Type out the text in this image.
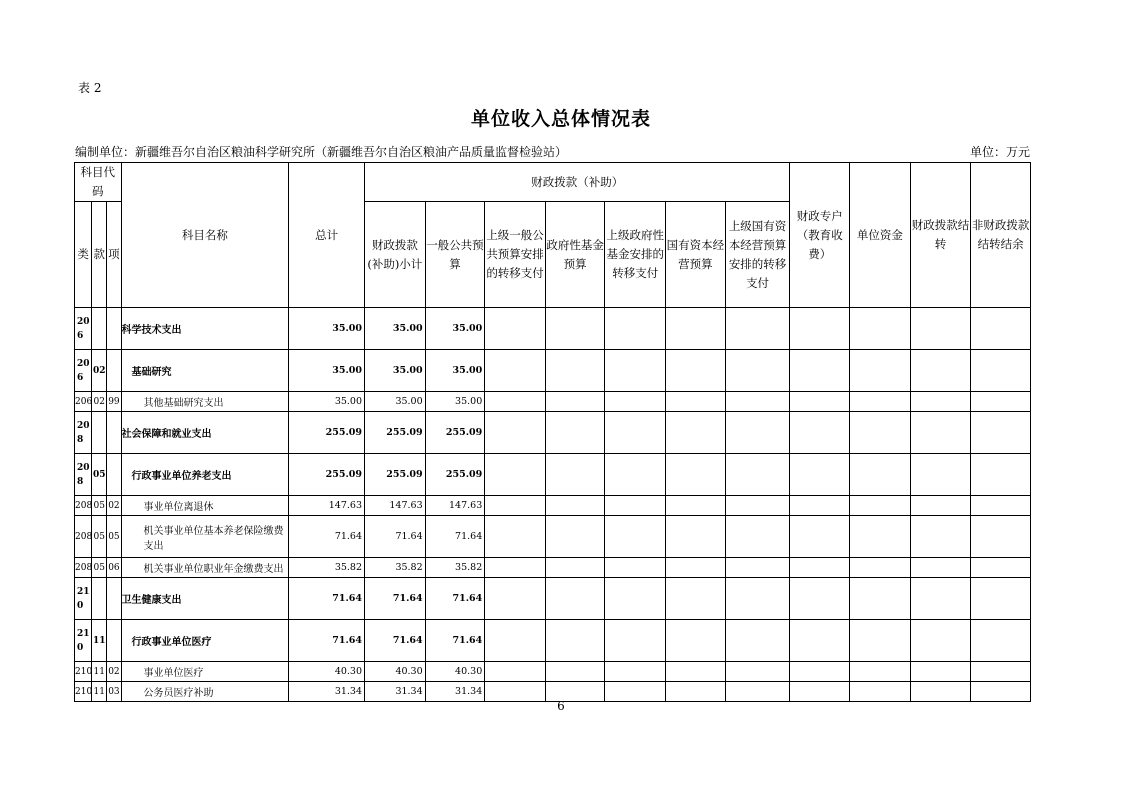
表 2
单位收入总体情况表
编制单位：新疆维吾尔自治区粮油科学研究所（新疆维吾尔自治区粮油产品质量监督检验站）	单位：万元
科目代码			科目名称	总计	财政拨款（补助）							财政专户（教育收费）	单位资金	财政拨款结转	非财政拨款结转结余
类	款	项			财政拨款(补助)小计	一般公共预算	上级一般公共预算安排的转移支付	政府性基金预算	上级政府性基金安排的转移支付	国有资本经营预算	上级国有资本经营预算安排的转移支付				
206			科学技术支出	35.00	35.00	35.00									
206	02		基础研究	35.00	35.00	35.00									
206	02	99	其他基础研究支出	35.00	35.00	35.00									
208			社会保障和就业支出	255.09	255.09	255.09									
208	05		行政事业单位养老支出	255.09	255.09	255.09									
208	05	02	事业单位离退休	147.63	147.63	147.63									
208	05	05	机关事业单位基本养老保险缴费支出	71.64	71.64	71.64									
208	05	06	机关事业单位职业年金缴费支出	35.82	35.82	35.82									
210			卫生健康支出	71.64	71.64	71.64									
210	11		行政事业单位医疗	71.64	71.64	71.64									
210	11	02	事业单位医疗	40.30	40.30	40.30									
210	11	03	公务员医疗补助	31.34	31.34	31.34									
6
